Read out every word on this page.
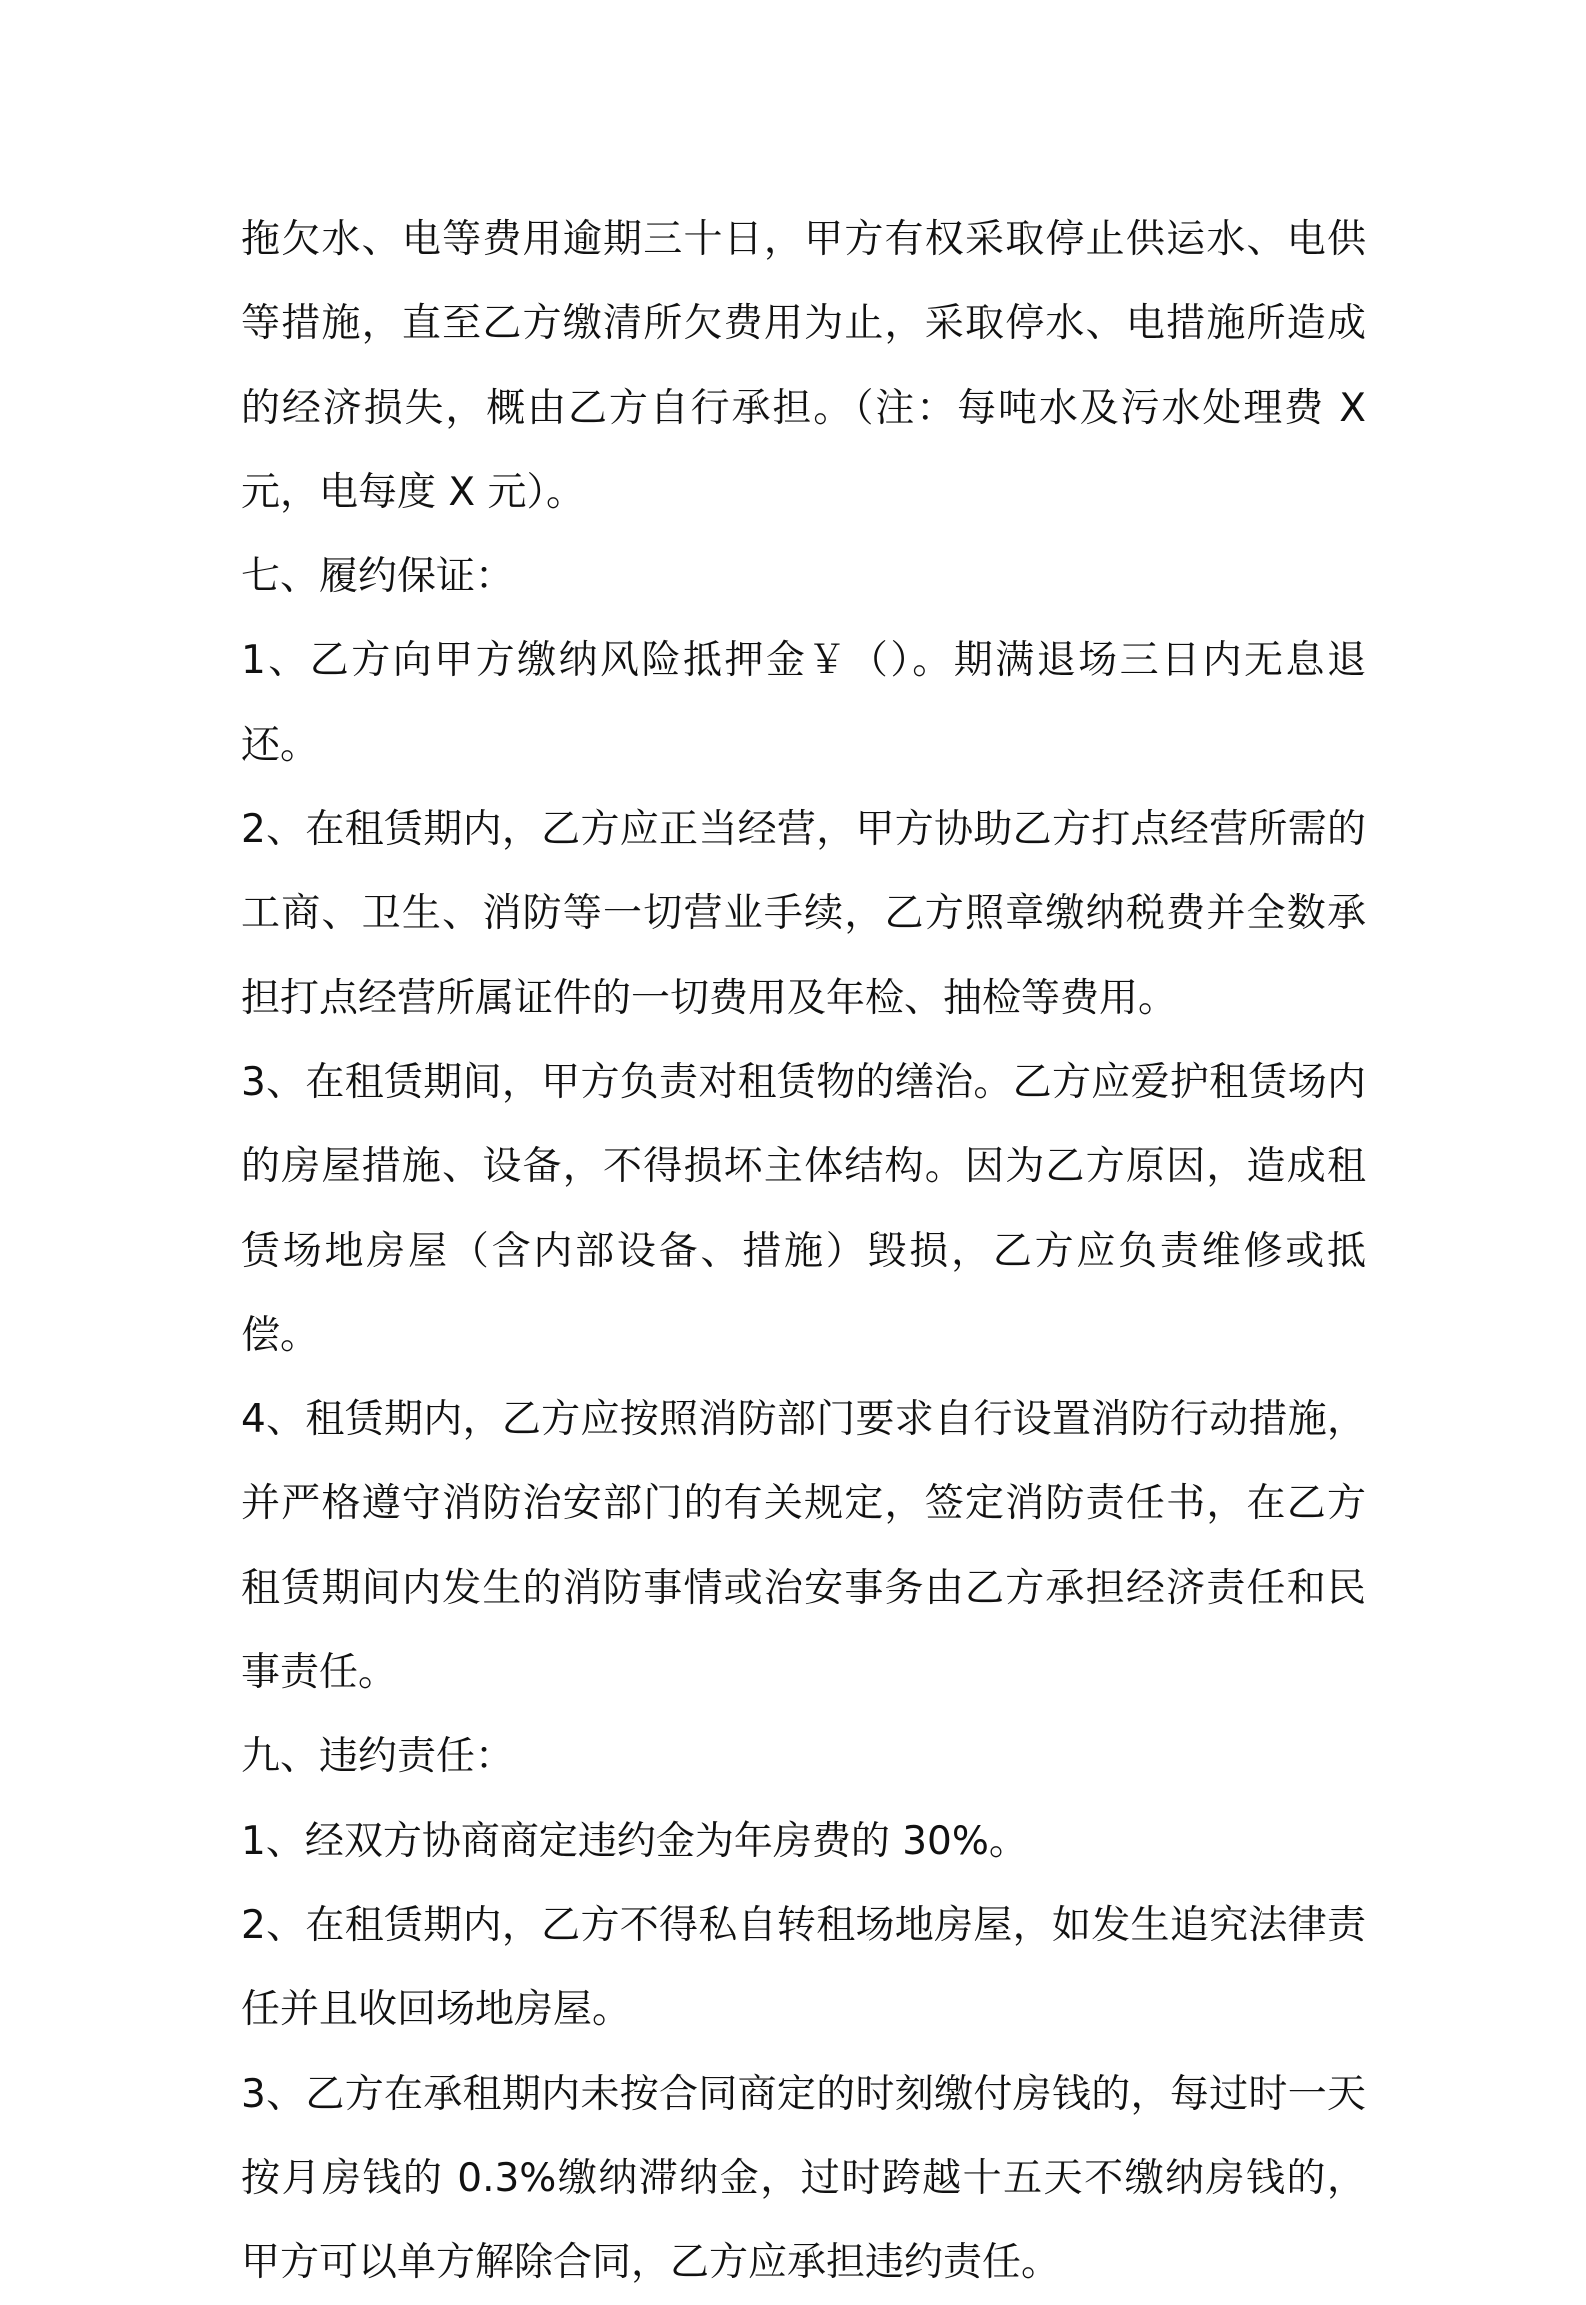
拖欠水、电等费用逾期三十日，甲方有权采取停止供运水、电供等措施，直至乙方缴清所欠费用为止，采取停水、电措施所造成的经济损失，概由乙方自行承担。（注：每吨水及污水处理费 X 元，电每度 X 元）。

七、履约保证：

1、乙方向甲方缴纳风险抵押金￥（）。期满退场三日内无息退还。

2、在租赁期内，乙方应正当经营，甲方协助乙方打点经营所需的工商、卫生、消防等一切营业手续，乙方照章缴纳税费并全数承担打点经营所属证件的一切费用及年检、抽检等费用。

3、在租赁期间，甲方负责对租赁物的缮治。乙方应爱护租赁场内的房屋措施、设备，不得损坏主体结构。因为乙方原因，造成租赁场地房屋（含内部设备、措施）毁损，乙方应负责维修或抵偿。

4、租赁期内，乙方应按照消防部门要求自行设置消防行动措施，并严格遵守消防治安部门的有关规定，签定消防责任书，在乙方租赁期间内发生的消防事情或治安事务由乙方承担经济责任和民事责任。

九、违约责任：

1、经双方协商商定违约金为年房费的 30%。

2、在租赁期内，乙方不得私自转租场地房屋，如发生追究法律责任并且收回场地房屋。

3、乙方在承租期内未按合同商定的时刻缴付房钱的，每过时一天按月房钱的 0.3%缴纳滞纳金，过时跨越十五天不缴纳房钱的，甲方可以单方解除合同，乙方应承担违约责任。
